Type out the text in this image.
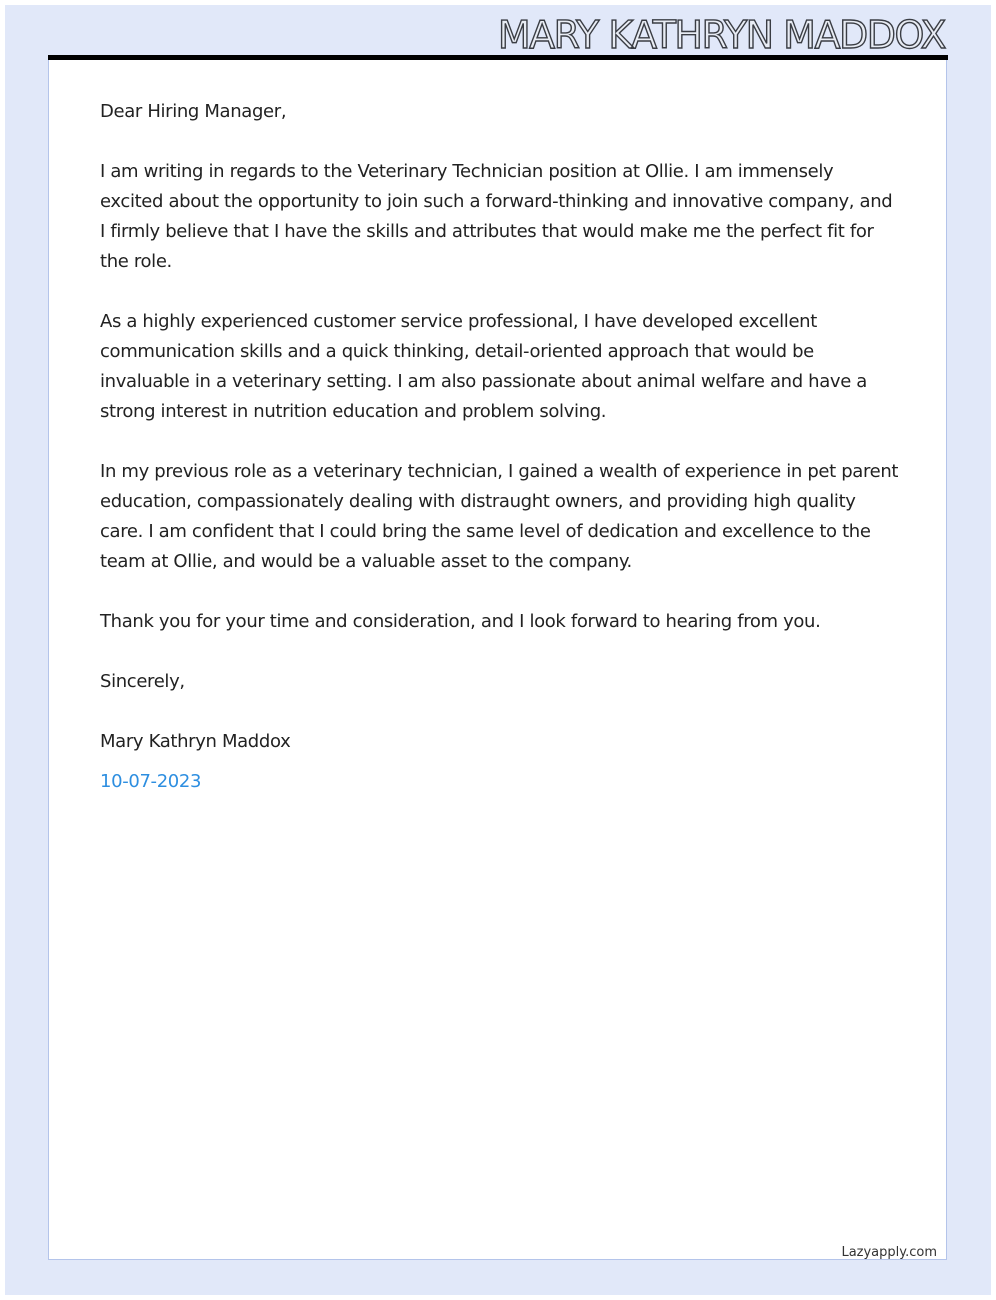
MARY KATHRYN MADDOX

Dear Hiring Manager,

I am writing in regards to the Veterinary Technician position at Ollie. I am immensely excited about the opportunity to join such a forward-thinking and innovative company, and I firmly believe that I have the skills and attributes that would make me the perfect fit for the role.

As a highly experienced customer service professional, I have developed excellent communication skills and a quick thinking, detail-oriented approach that would be invaluable in a veterinary setting. I am also passionate about animal welfare and have a strong interest in nutrition education and problem solving.

In my previous role as a veterinary technician, I gained a wealth of experience in pet parent education, compassionately dealing with distraught owners, and providing high quality care. I am confident that I could bring the same level of dedication and excellence to the team at Ollie, and would be a valuable asset to the company.

Thank you for your time and consideration, and I look forward to hearing from you.

Sincerely,

Mary Kathryn Maddox

10-07-2023

Lazyapply.com
